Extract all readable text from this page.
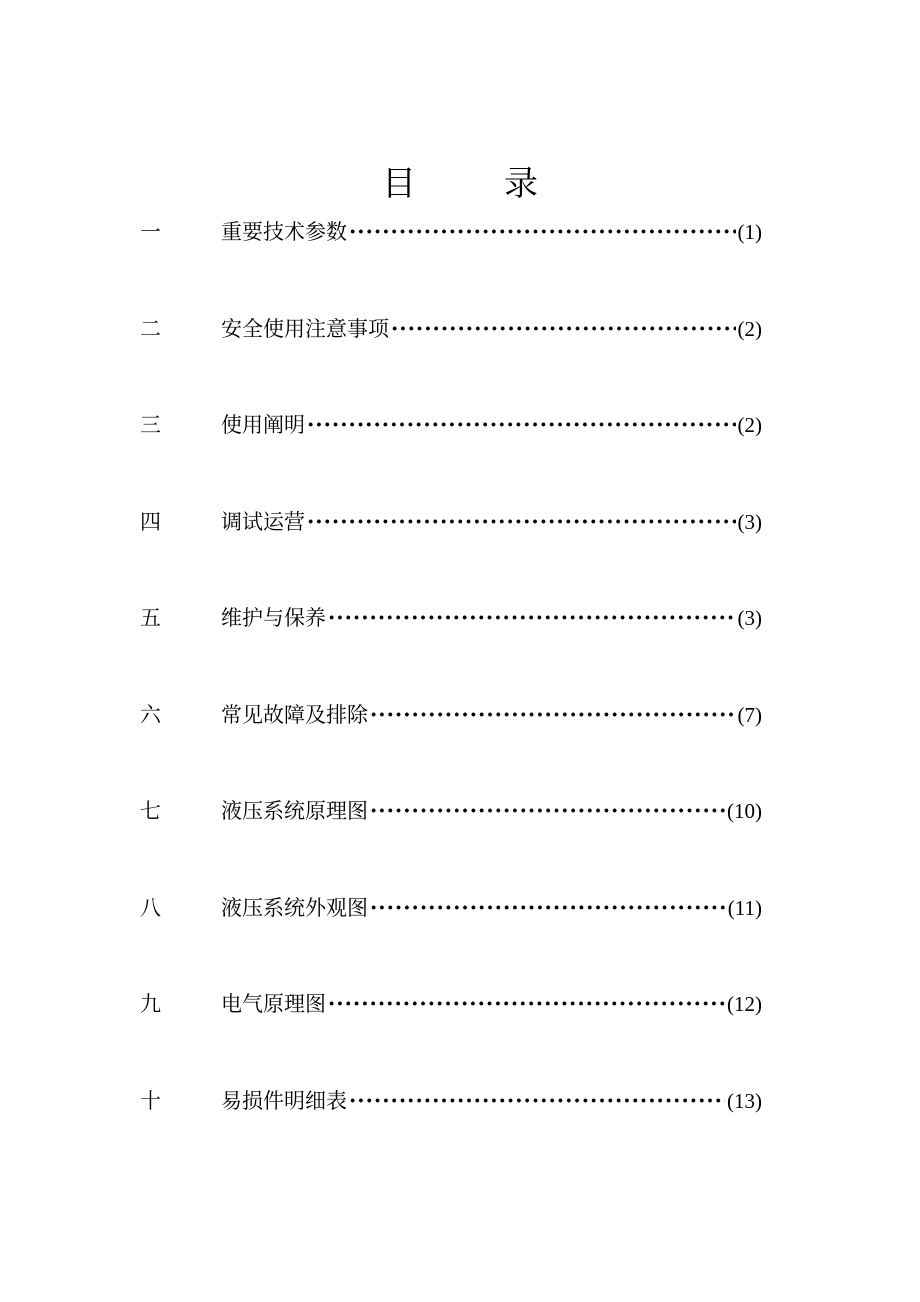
目	录
一	重要技术参数 ·····	(1)
二	安全使用注意事项 ·····	(2)
三	使用阐明 ·····	(2)
四	调试运营 ·····	(3)
五	维护与保养 ·····	(3)
六	常见故障及排除 ·····	(7)
七	液压系统原理图 ·····	(10)
八	液压系统外观图 ·····	(11)
九	电气原理图 ·····	(12)
十	易损件明细表 ·····	(13)
